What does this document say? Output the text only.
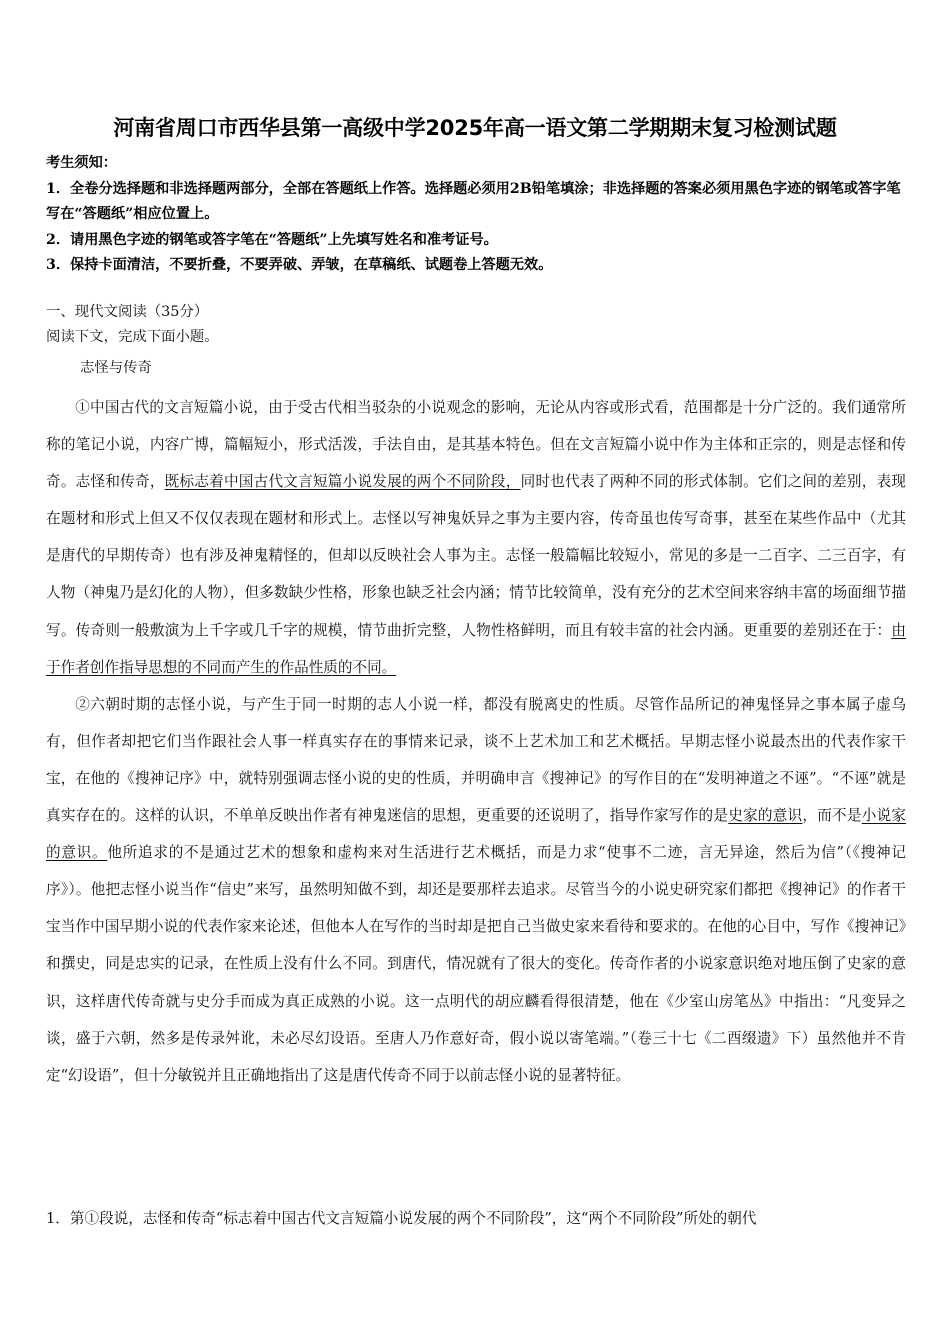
河南省周口市西华县第一高级中学2025年高一语文第二学期期末复习检测试题

考生须知：

1．全卷分选择题和非选择题两部分，全部在答题纸上作答。选择题必须用2B铅笔填涂；非选择题的答案必须用黑色字迹的钢笔或答字笔写在“答题纸”相应位置上。

2．请用黑色字迹的钢笔或答字笔在“答题纸”上先填写姓名和准考证号。

3．保持卡面清洁，不要折叠，不要弄破、弄皱，在草稿纸、试题卷上答题无效。

一、现代文阅读（35分）

阅读下文，完成下面小题。

志怪与传奇

①中国古代的文言短篇小说，由于受古代相当驳杂的小说观念的影响，无论从内容或形式看，范围都是十分广泛的。我们通常所称的笔记小说，内容广博，篇幅短小，形式活泼，手法自由，是其基本特色。但在文言短篇小说中作为主体和正宗的，则是志怪和传奇。志怪和传奇，既标志着中国古代文言短篇小说发展的两个不同阶段，同时也代表了两种不同的形式体制。它们之间的差别，表现在题材和形式上但又不仅仅表现在题材和形式上。志怪以写神鬼妖异之事为主要内容，传奇虽也传写奇事，甚至在某些作品中（尤其是唐代的早期传奇）也有涉及神鬼精怪的，但却以反映社会人事为主。志怪一般篇幅比较短小，常见的多是一二百字、二三百字，有人物（神鬼乃是幻化的人物），但多数缺少性格，形象也缺乏社会内涵；情节比较简单，没有充分的艺术空间来容纳丰富的场面细节描写。传奇则一般敷演为上千字或几千字的规模，情节曲折完整，人物性格鲜明，而且有较丰富的社会内涵。更重要的差别还在于：由于作者创作指导思想的不同而产生的作品性质的不同。

②六朝时期的志怪小说，与产生于同一时期的志人小说一样，都没有脱离史的性质。尽管作品所记的神鬼怪异之事本属子虚乌有，但作者却把它们当作跟社会人事一样真实存在的事情来记录，谈不上艺术加工和艺术概括。早期志怪小说最杰出的代表作家干宝，在他的《搜神记序》中，就特别强调志怪小说的史的性质，并明确申言《搜神记》的写作目的在“发明神道之不诬”。“不诬”就是真实存在的。这样的认识，不单单反映出作者有神鬼迷信的思想，更重要的还说明了，指导作家写作的是史家的意识，而不是小说家的意识。他所追求的不是通过艺术的想象和虚构来对生活进行艺术概括，而是力求“使事不二迹，言无异途，然后为信”（《搜神记序》）。他把志怪小说当作“信史”来写，虽然明知做不到，却还是要那样去追求。尽管当今的小说史研究家们都把《搜神记》的作者干宝当作中国早期小说的代表作家来论述，但他本人在写作的当时却是把自己当做史家来看待和要求的。在他的心目中，写作《搜神记》和撰史，同是忠实的记录，在性质上没有什么不同。到唐代，情况就有了很大的变化。传奇作者的小说家意识绝对地压倒了史家的意识，这样唐代传奇就与史分手而成为真正成熟的小说。这一点明代的胡应麟看得很清楚，他在《少室山房笔丛》中指出：“凡变异之谈，盛于六朝，然多是传录舛讹，未必尽幻设语。至唐人乃作意好奇，假小说以寄笔端。”（卷三十七《二酉缀遗》下）虽然他并不肯定“幻设语”，但十分敏锐并且正确地指出了这是唐代传奇不同于以前志怪小说的显著特征。

1．第①段说，志怪和传奇“标志着中国古代文言短篇小说发展的两个不同阶段”，这“两个不同阶段”所处的朝代
